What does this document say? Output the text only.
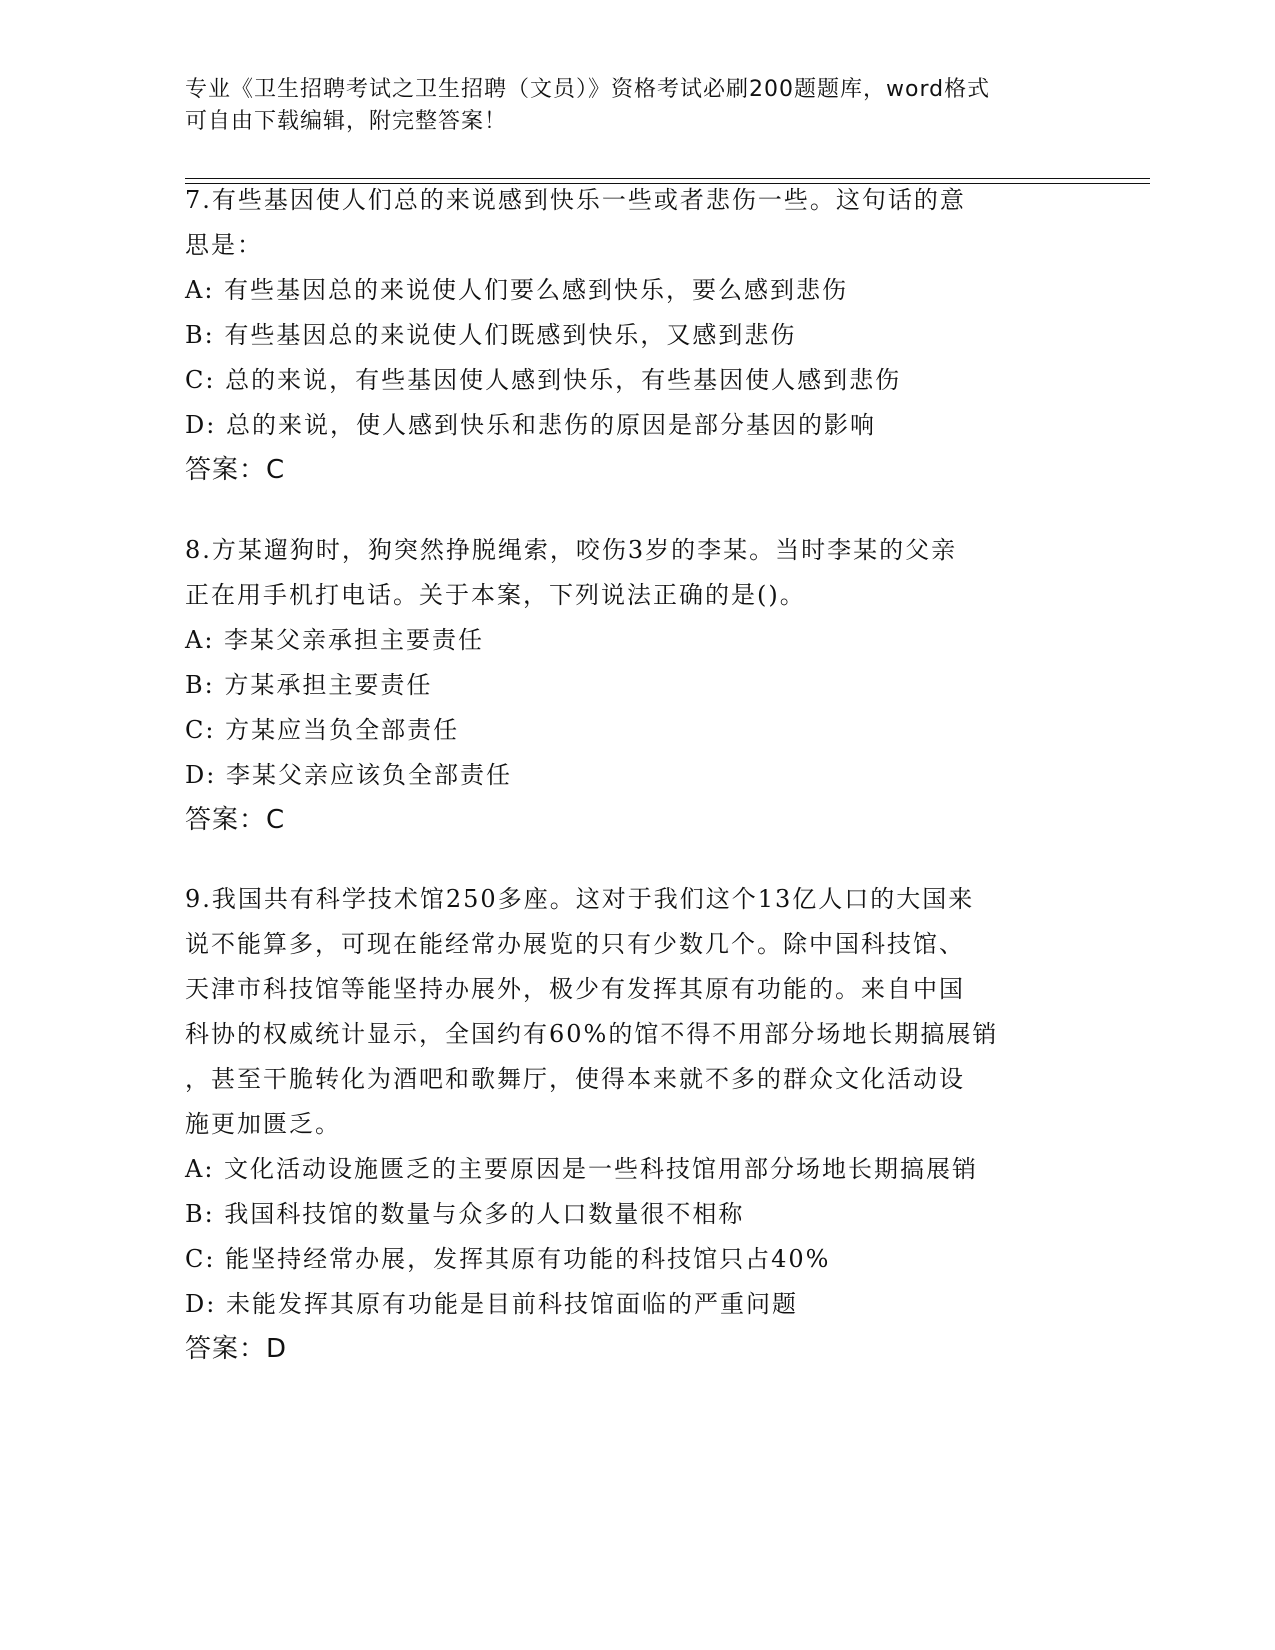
专业《卫生招聘考试之卫生招聘（文员）》资格考试必刷200题题库，word格式
可自由下载编辑，附完整答案！

7.有些基因使人们总的来说感到快乐一些或者悲伤一些。这句话的意
思是：

A: 有些基因总的来说使人们要么感到快乐，要么感到悲伤
B: 有些基因总的来说使人们既感到快乐，又感到悲伤
C: 总的来说，有些基因使人感到快乐，有些基因使人感到悲伤
D: 总的来说，使人感到快乐和悲伤的原因是部分基因的影响
答案：C

8.方某遛狗时，狗突然挣脱绳索，咬伤3岁的李某。当时李某的父亲
正在用手机打电话。关于本案，下列说法正确的是()。

A: 李某父亲承担主要责任
B: 方某承担主要责任
C: 方某应当负全部责任
D: 李某父亲应该负全部责任
答案：C

9.我国共有科学技术馆250多座。这对于我们这个13亿人口的大国来
说不能算多，可现在能经常办展览的只有少数几个。除中国科技馆、
天津市科技馆等能坚持办展外，极少有发挥其原有功能的。来自中国
科协的权威统计显示，全国约有60%的馆不得不用部分场地长期搞展销
，甚至干脆转化为酒吧和歌舞厅，使得本来就不多的群众文化活动设
施更加匮乏。

A: 文化活动设施匮乏的主要原因是一些科技馆用部分场地长期搞展销
B: 我国科技馆的数量与众多的人口数量很不相称
C: 能坚持经常办展，发挥其原有功能的科技馆只占40%
D: 未能发挥其原有功能是目前科技馆面临的严重问题
答案：D
